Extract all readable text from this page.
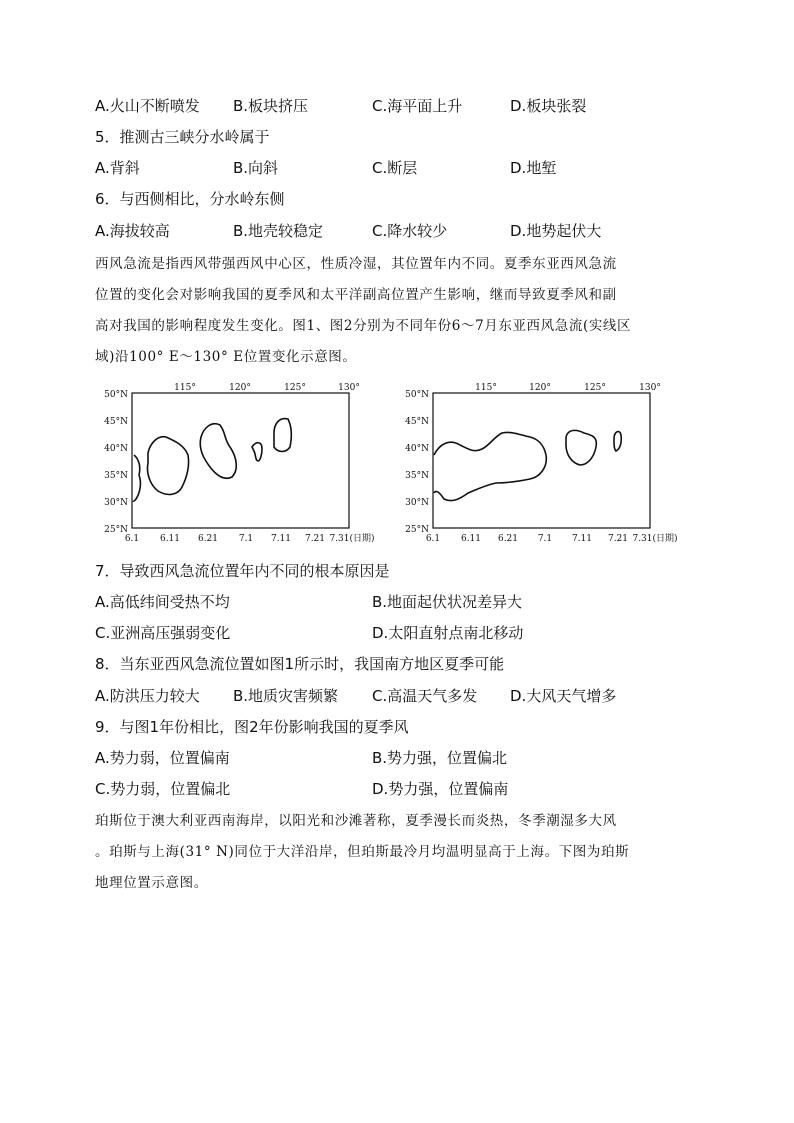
A.火山不断喷发 B.板块挤压	C.海平面上升	D.板块张裂
5．推测古三峡分水岭属于
A.背斜	B.向斜	C.断层	D.地堑
6．与西侧相比，分水岭东侧
A.海拔较高	B.地壳较稳定	C.降水较少	D.地势起伏大
西风急流是指西风带强西风中心区，性质冷湿，其位置年内不同。夏季东亚西风急流
位置的变化会对影响我国的夏季风和太平洋副高位置产生影响，继而导致夏季风和副
高对我国的影响程度发生变化。图1、图2分别为不同年份6～7月东亚西风急流(实线区
域)沿100° E～130° E位置变化示意图。
115°	120°	125°	130°
50°N
45°N
40°N
35°N
30°N
25°N
6.1 6.11 6.21 7.1 7.11 7.21 7.31(日期)
115°	120°	125°	130°
50°N
45°N
40°N
35°N
30°N
25°N
6.1 6.11 6.21 7.1 7.11 7.21 7.31(日期)
7．导致西风急流位置年内不同的根本原因是
A.高低纬间受热不均	B.地面起伏状况差异大
C.亚洲高压强弱变化	D.太阳直射点南北移动
8．当东亚西风急流位置如图1所示时，我国南方地区夏季可能
A.防洪压力较大 B.地质灾害频繁 C.高温天气多发 D.大风天气增多
9．与图1年份相比，图2年份影响我国的夏季风
A.势力弱，位置偏南	B.势力强，位置偏北
C.势力弱，位置偏北	D.势力强，位置偏南
珀斯位于澳大利亚西南海岸，以阳光和沙滩著称，夏季漫长而炎热，冬季潮湿多大风
。珀斯与上海(31° N)同位于大洋沿岸，但珀斯最冷月均温明显高于上海。下图为珀斯
地理位置示意图。
